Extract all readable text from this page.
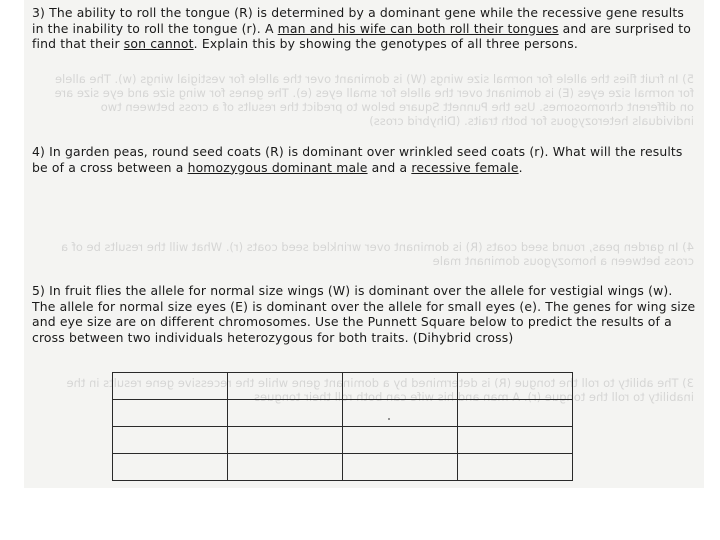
5) In fruit flies the allele for normal size wings (W) is dominant over the allele for vestigial wings (w). The allele for normal size eyes (E) is dominant over the allele for small eyes (e). The genes for wing size and eye size are on different chromosomes. Use the Punnett Square below to predict the results of a cross between two individuals heterozygous for both traits. (Dihybrid cross)
4) In garden peas, round seed coats (R) is dominant over wrinkled seed coats (r). What will the results be of a cross between a homozygous dominant male
3) The ability to roll the tongue (R) is determined by a dominant gene while the recessive gene results in the inability to roll the tongue (r). A man and his wife can both roll their tongues
3) The ability to roll the tongue (R) is determined by a dominant gene while the recessive gene results in the inability to roll the tongue (r). A man and his wife can both roll their tongues and are surprised to find that their son cannot. Explain this by showing the genotypes of all three persons.
4) In garden peas, round seed coats (R) is dominant over wrinkled seed coats (r). What will the results be of a cross between a homozygous dominant male and a recessive female.
5) In fruit flies the allele for normal size wings (W) is dominant over the allele for vestigial wings (w). The allele for normal size eyes (E) is dominant over the allele for small eyes (e). The genes for wing size and eye size are on different chromosomes. Use the Punnett Square below to predict the results of a cross between two individuals heterozygous for both traits. (Dihybrid cross)
